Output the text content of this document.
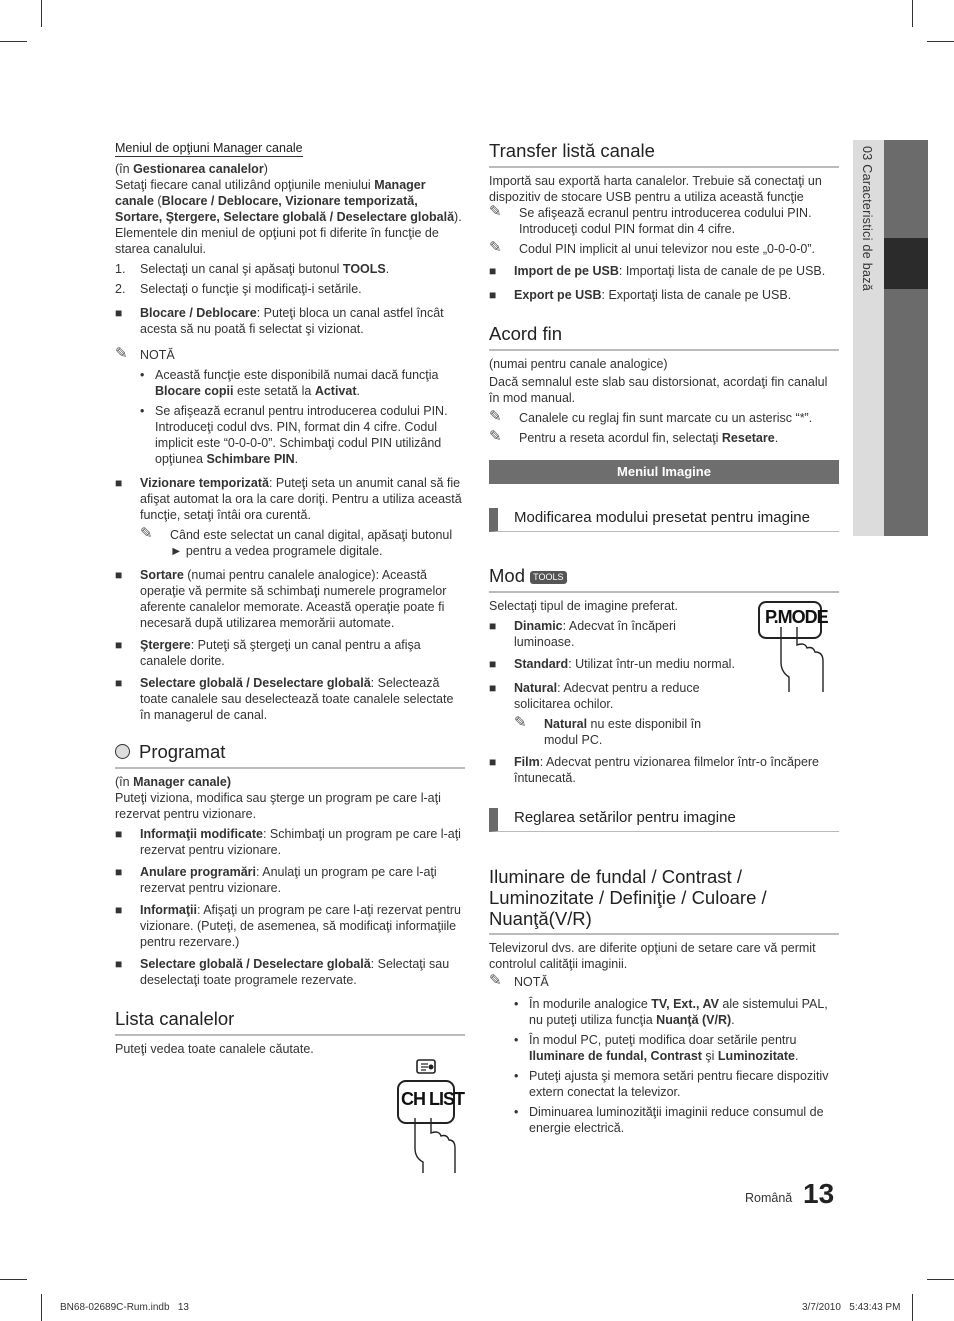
03 Caracteristici de bază
Meniul de opţiuni Manager canale
(în Gestionarea canalelor)
Setaţi fiecare canal utilizând opţiunile meniului Manager canale (Blocare / Deblocare, Vizionare temporizată, Sortare, Ştergere, Selectare globală / Deselectare globală). Elementele din meniul de opţiuni pot fi diferite în funcţie de starea canalului.
1. Selectaţi un canal şi apăsaţi butonul TOOLS.
2. Selectaţi o funcţie şi modificaţi-i setările.
■ Blocare / Deblocare: Puteţi bloca un canal astfel încât acesta să nu poată fi selectat şi vizionat.
✎ NOTĂ
• Această funcţie este disponibilă numai dacă funcţia Blocare copii este setată la Activat.
• Se afişează ecranul pentru introducerea codului PIN. Introduceţi codul dvs. PIN, format din 4 cifre. Codul implicit este “0-0-0-0”. Schimbaţi codul PIN utilizând opţiunea Schimbare PIN.
■ Vizionare temporizată: Puteţi seta un anumit canal să fie afişat automat la ora la care doriţi. Pentru a utiliza această funcţie, setaţi întâi ora curentă.
✎ Când este selectat un canal digital, apăsaţi butonul ► pentru a vedea programele digitale.
■ Sortare (numai pentru canalele analogice): Această operaţie vă permite să schimbaţi numerele programelor aferente canalelor memorate. Această operaţie poate fi necesară după utilizarea memorării automate.
■ Ştergere: Puteţi să ştergeţi un canal pentru a afişa canalele dorite.
■ Selectare globală / Deselectare globală: Selectează toate canalele sau deselectează toate canalele selectate în managerul de canal.
Programat
(în Manager canale)
Puteţi viziona, modifica sau şterge un program pe care l-aţi rezervat pentru vizionare.
■ Informaţii modificate: Schimbaţi un program pe care l-aţi rezervat pentru vizionare.
■ Anulare programări: Anulaţi un program pe care l-aţi rezervat pentru vizionare.
■ Informaţii: Afişaţi un program pe care l-aţi rezervat pentru vizionare. (Puteţi, de asemenea, să modificaţi informaţiile pentru rezervare.)
■ Selectare globală / Deselectare globală: Selectaţi sau deselectaţi toate programele rezervate.
Lista canalelor
Puteţi vedea toate canalele căutate.
CH LIST
Transfer listă canale
Importă sau exportă harta canalelor. Trebuie să conectaţi un dispozitiv de stocare USB pentru a utiliza această funcţie
✎ Se afişează ecranul pentru introducerea codului PIN. Introduceţi codul PIN format din 4 cifre.
✎ Codul PIN implicit al unui televizor nou este „0-0-0-0”.
■ Import de pe USB: Importaţi lista de canale de pe USB.
■ Export pe USB: Exportaţi lista de canale pe USB.
Acord fin
(numai pentru canale analogice)
Dacă semnalul este slab sau distorsionat, acordaţi fin canalul în mod manual.
✎ Canalele cu reglaj fin sunt marcate cu un asterisc “*”.
✎ Pentru a reseta acordul fin, selectaţi Resetare.
Meniul Imagine
Modificarea modului presetat pentru imagine
Mod TOOLS
Selectaţi tipul de imagine preferat.
■ Dinamic: Adecvat în încăperi luminoase.
■ Standard: Utilizat într-un mediu normal.
■ Natural: Adecvat pentru a reduce solicitarea ochilor.
✎ Natural nu este disponibil în modul PC.
■ Film: Adecvat pentru vizionarea filmelor într-o încăpere întunecată.
Reglarea setărilor pentru imagine
Iluminare de fundal / Contrast / Luminozitate / Definiţie / Culoare / Nuanţă(V/R)
Televizorul dvs. are diferite opţiuni de setare care vă permit controlul calităţii imaginii.
✎ NOTĂ
• În modurile analogice TV, Ext., AV ale sistemului PAL, nu puteţi utiliza funcţia Nuanţă (V/R).
• În modul PC, puteţi modifica doar setările pentru Iluminare de fundal, Contrast şi Luminozitate.
• Puteţi ajusta şi memora setări pentru fiecare dispozitiv extern conectat la televizor.
• Diminuarea luminozităţii imaginii reduce consumul de energie electrică.
P.MODE
Română 13
BN68-02689C-Rum.indb   13	3/7/2010   5:43:43 PM
